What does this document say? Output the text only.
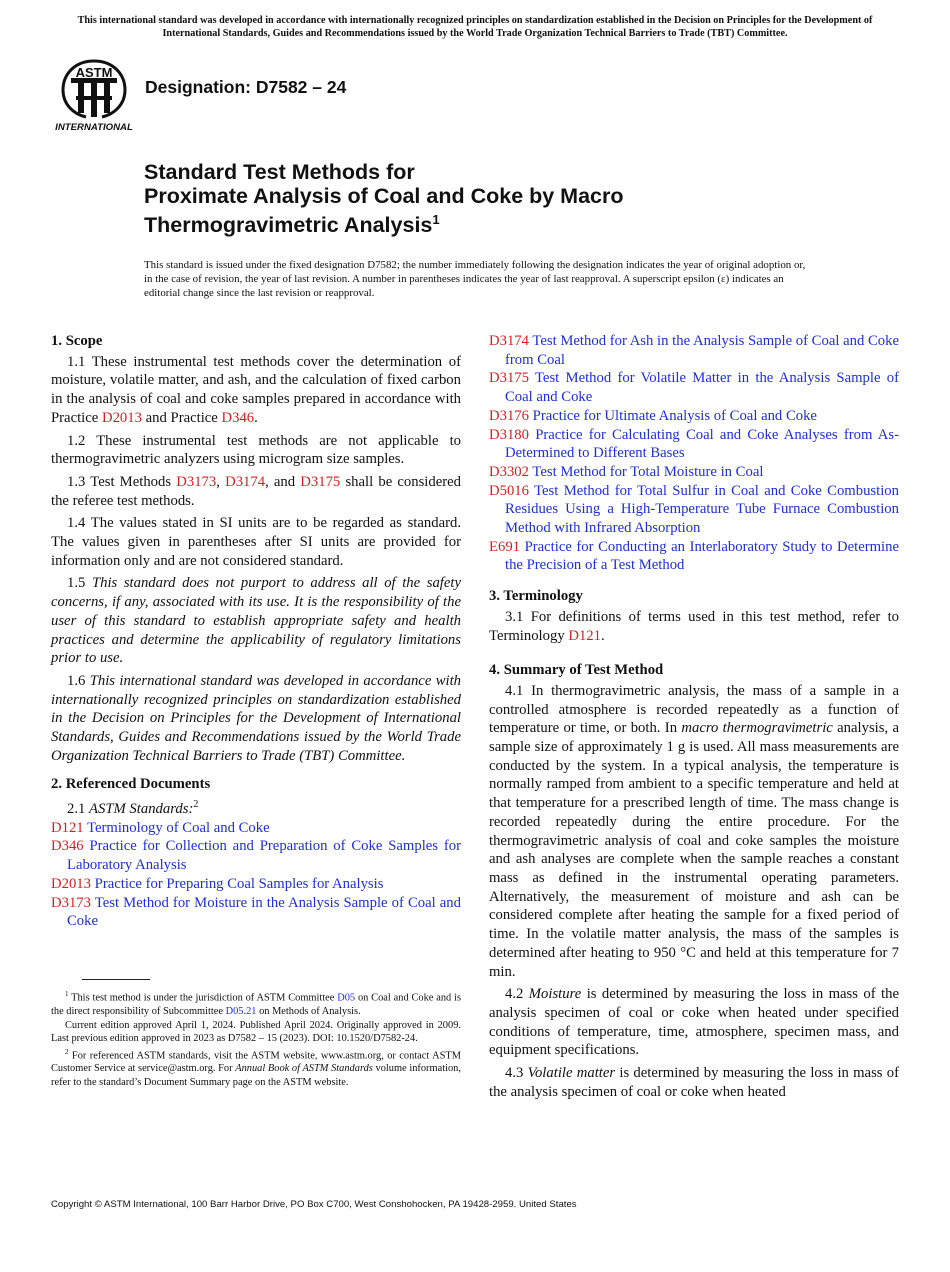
This international standard was developed in accordance with internationally recognized principles on standardization established in the Decision on Principles for the Development of International Standards, Guides and Recommendations issued by the World Trade Organization Technical Barriers to Trade (TBT) Committee.
ASTM
INTERNATIONAL
Designation: D7582 – 24
Standard Test Methods for
Proximate Analysis of Coal and Coke by Macro
Thermogravimetric Analysis$^1$
This standard is issued under the fixed designation D7582; the number immediately following the designation indicates the year of original adoption or, in the case of revision, the year of last revision. A number in parentheses indicates the year of last reapproval. A superscript epsilon (ε) indicates an editorial change since the last revision or reapproval.
1. Scope

1.1 These instrumental test methods cover the determination of moisture, volatile matter, and ash, and the calculation of fixed carbon in the analysis of coal and coke samples prepared in accordance with Practice D2013 and Practice D346.

1.2 These instrumental test methods are not applicable to thermogravimetric analyzers using microgram size samples.

1.3 Test Methods D3173, D3174, and D3175 shall be considered the referee test methods.

1.4 The values stated in SI units are to be regarded as standard. The values given in parentheses after SI units are provided for information only and are not considered standard.

1.5 This standard does not purport to address all of the safety concerns, if any, associated with its use. It is the responsibility of the user of this standard to establish appropriate safety and health practices and determine the applicability of regulatory limitations prior to use.

1.6 This international standard was developed in accordance with internationally recognized principles on standardization established in the Decision on Principles for the Development of International Standards, Guides and Recommendations issued by the World Trade Organization Technical Barriers to Trade (TBT) Committee.

2. Referenced Documents

2.1 ASTM Standards:$^2$

D121 Terminology of Coal and Coke

D346 Practice for Collection and Preparation of Coke Samples for Laboratory Analysis

D2013 Practice for Preparing Coal Samples for Analysis

D3173 Test Method for Moisture in the Analysis Sample of Coal and Coke

D3174 Test Method for Ash in the Analysis Sample of Coal and Coke from Coal

D3175 Test Method for Volatile Matter in the Analysis Sample of Coal and Coke

D3176 Practice for Ultimate Analysis of Coal and Coke

D3180 Practice for Calculating Coal and Coke Analyses from As-Determined to Different Bases

D3302 Test Method for Total Moisture in Coal

D5016 Test Method for Total Sulfur in Coal and Coke Combustion Residues Using a High-Temperature Tube Furnace Combustion Method with Infrared Absorption

E691 Practice for Conducting an Interlaboratory Study to Determine the Precision of a Test Method

3. Terminology

3.1 For definitions of terms used in this test method, refer to Terminology D121.

4. Summary of Test Method

4.1 In thermogravimetric analysis, the mass of a sample in a controlled atmosphere is recorded repeatedly as a function of temperature or time, or both. In macro thermogravimetric analysis, a sample size of approximately 1 g is used. All mass measurements are conducted by the system. In a typical analysis, the temperature is normally ramped from ambient to a specific temperature and held at that temperature for a prescribed length of time. The mass change is recorded repeatedly during the entire procedure. For the thermogravimetric analysis of coal and coke samples the moisture and ash analyses are complete when the sample reaches a constant mass as defined in the instrumental operating parameters. Alternatively, the measurement of moisture and ash can be considered complete after heating the sample for a fixed period of time. In the volatile matter analysis, the mass of the samples is determined after heating to 950 °C and held at this temperature for 7 min.

4.2 Moisture is determined by measuring the loss in mass of the analysis specimen of coal or coke when heated under specified conditions of temperature, time, atmosphere, specimen mass, and equipment specifications.

4.3 Volatile matter is determined by measuring the loss in mass of the analysis specimen of coal or coke when heated

$^1$ This test method is under the jurisdiction of ASTM Committee D05 on Coal and Coke and is the direct responsibility of Subcommittee D05.21 on Methods of Analysis.

Current edition approved April 1, 2024. Published April 2024. Originally approved in 2009. Last previous edition approved in 2023 as D7582 – 15 (2023). DOI: 10.1520/D7582-24.

$^2$ For referenced ASTM standards, visit the ASTM website, www.astm.org, or contact ASTM Customer Service at service@astm.org. For Annual Book of ASTM Standards volume information, refer to the standard’s Document Summary page on the ASTM website.

Copyright © ASTM International, 100 Barr Harbor Drive, PO Box C700, West Conshohocken, PA 19428-2959. United States
